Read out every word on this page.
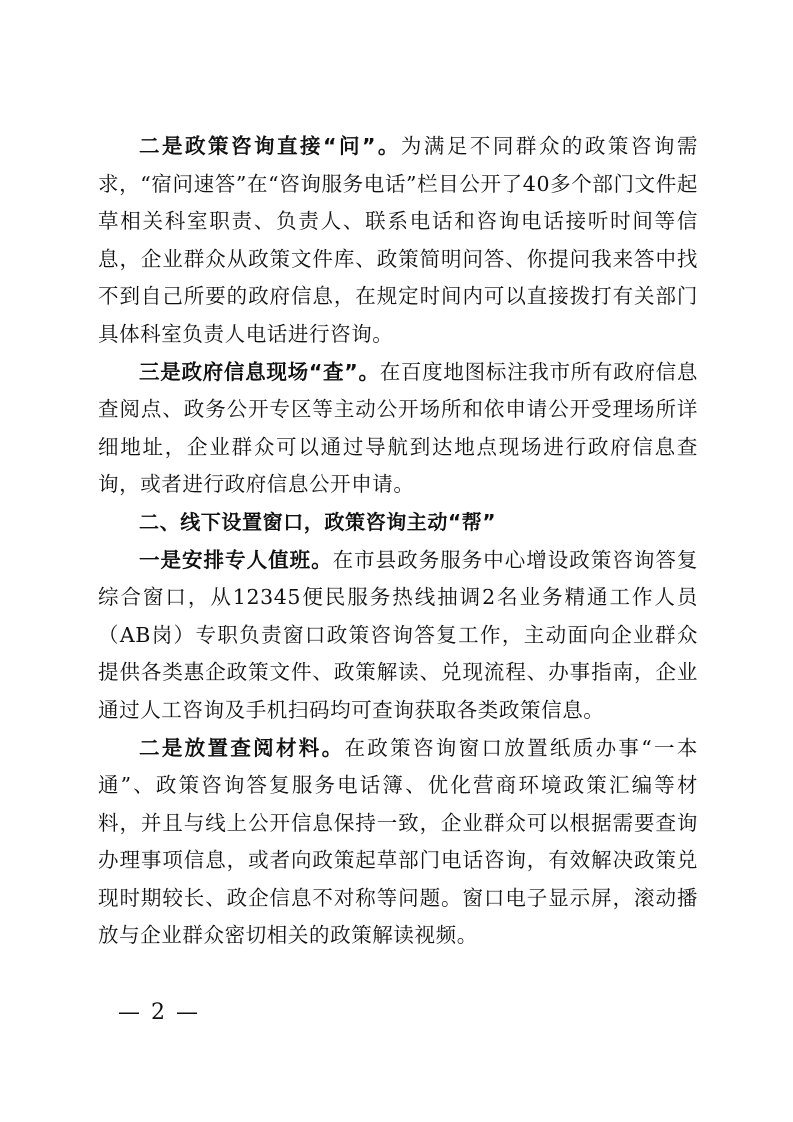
二是政策咨询直接“问”。为满足不同群众的政策咨询需求，“宿问速答”在“咨询服务电话”栏目公开了40多个部门文件起草相关科室职责、负责人、联系电话和咨询电话接听时间等信息，企业群众从政策文件库、政策简明问答、你提问我来答中找不到自己所要的政府信息，在规定时间内可以直接拨打有关部门具体科室负责人电话进行咨询。

三是政府信息现场“查”。在百度地图标注我市所有政府信息查阅点、政务公开专区等主动公开场所和依申请公开受理场所详细地址，企业群众可以通过导航到达地点现场进行政府信息查询，或者进行政府信息公开申请。

二、线下设置窗口，政策咨询主动“帮”

一是安排专人值班。在市县政务服务中心增设政策咨询答复综合窗口，从12345便民服务热线抽调2名业务精通工作人员（AB岗）专职负责窗口政策咨询答复工作，主动面向企业群众提供各类惠企政策文件、政策解读、兑现流程、办事指南，企业通过人工咨询及手机扫码均可查询获取各类政策信息。

二是放置查阅材料。在政策咨询窗口放置纸质办事“一本通”、政策咨询答复服务电话簿、优化营商环境政策汇编等材料，并且与线上公开信息保持一致，企业群众可以根据需要查询办理事项信息，或者向政策起草部门电话咨询，有效解决政策兑现时期较长、政企信息不对称等问题。窗口电子显示屏，滚动播放与企业群众密切相关的政策解读视频。

— 2 —
